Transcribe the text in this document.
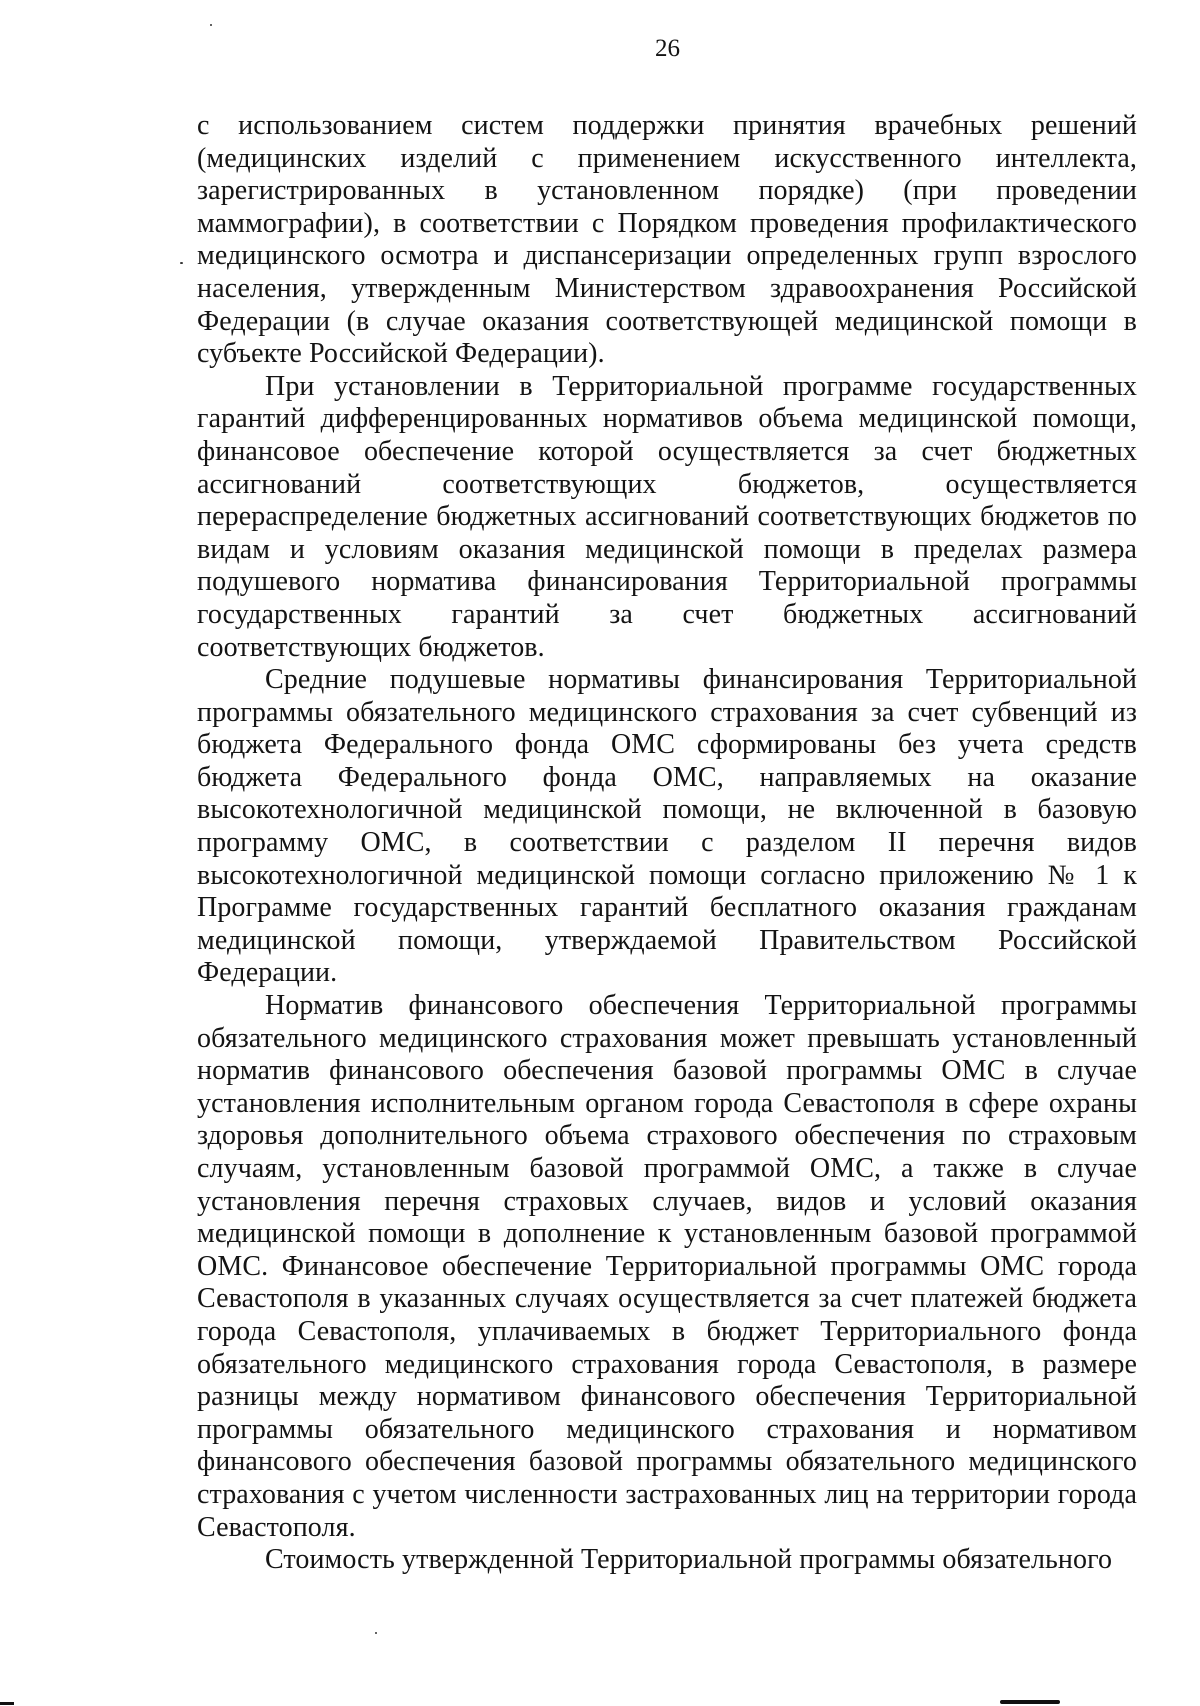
26

с использованием систем поддержки принятия врачебных решений (медицинских изделий с применением искусственного интеллекта, зарегистрированных в установленном порядке) (при проведении маммографии), в соответствии с Порядком проведения профилактического медицинского осмотра и диспансеризации определенных групп взрослого населения, утвержденным Министерством здравоохранения Российской Федерации (в случае оказания соответствующей медицинской помощи в субъекте Российской Федерации).

При установлении в Территориальной программе государственных гарантий дифференцированных нормативов объема медицинской помощи, финансовое обеспечение которой осуществляется за счет бюджетных ассигнований соответствующих бюджетов, осуществляется перераспределение бюджетных ассигнований соответствующих бюджетов по видам и условиям оказания медицинской помощи в пределах размера подушевого норматива финансирования Территориальной программы государственных гарантий за счет бюджетных ассигнований соответствующих бюджетов.

Средние подушевые нормативы финансирования Территориальной программы обязательного медицинского страхования за счет субвенций из бюджета Федерального фонда ОМС сформированы без учета средств бюджета Федерального фонда ОМС, направляемых на оказание высокотехнологичной медицинской помощи, не включенной в базовую программу ОМС, в соответствии с разделом II перечня видов высокотехнологичной медицинской помощи согласно приложению № 1 к Программе государственных гарантий бесплатного оказания гражданам медицинской помощи, утверждаемой Правительством Российской Федерации.

Норматив финансового обеспечения Территориальной программы обязательного медицинского страхования может превышать установленный норматив финансового обеспечения базовой программы ОМС в случае установления исполнительным органом города Севастополя в сфере охраны здоровья дополнительного объема страхового обеспечения по страховым случаям, установленным базовой программой ОМС, а также в случае установления перечня страховых случаев, видов и условий оказания медицинской помощи в дополнение к установленным базовой программой ОМС. Финансовое обеспечение Территориальной программы ОМС города Севастополя в указанных случаях осуществляется за счет платежей бюджета города Севастополя, уплачиваемых в бюджет Территориального фонда обязательного медицинского страхования города Севастополя, в размере разницы между нормативом финансового обеспечения Территориальной программы обязательного медицинского страхования и нормативом финансового обеспечения базовой программы обязательного медицинского страхования с учетом численности застрахованных лиц на территории города Севастополя.

Стоимость утвержденной Территориальной программы обязательного
